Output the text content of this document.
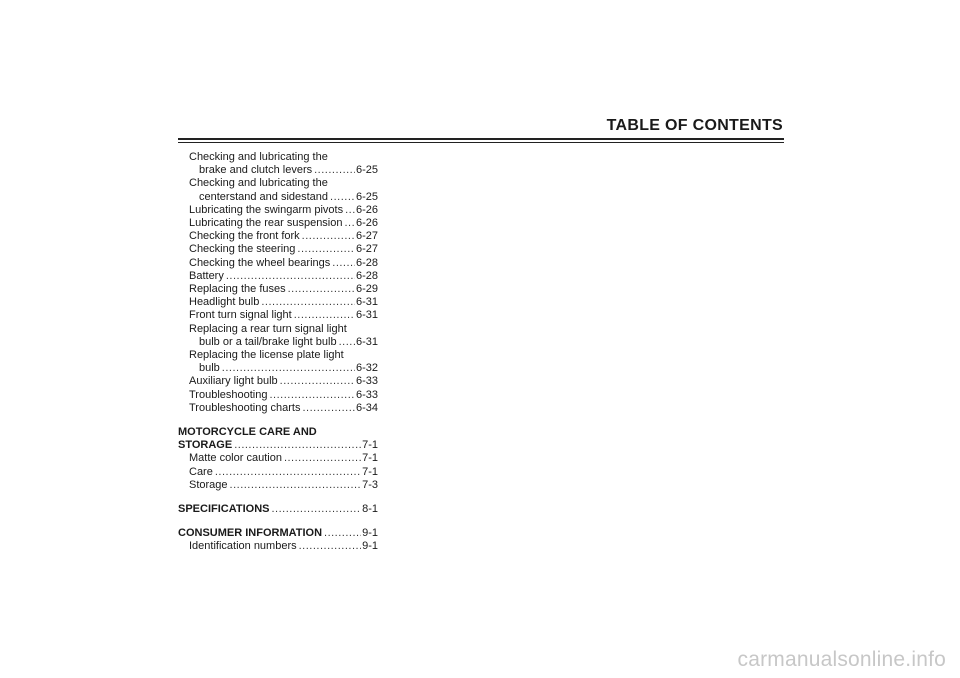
TABLE OF CONTENTS
Checking and lubricating the
brake and clutch levers .....	6-25
Checking and lubricating the
centerstand and sidestand .....	6-25
Lubricating the swingarm pivots ..... 6-26
Lubricating the rear suspension ..... 6-26
Checking the front fork .....	6-27
Checking the steering .....	6-27
Checking the wheel bearings ..... 6-28
Battery .....	6-28
Replacing the fuses .....	6-29
Headlight bulb .....	6-31
Front turn signal light .....	6-31
Replacing a rear turn signal light
bulb or a tail/brake light bulb ..... 6-31
Replacing the license plate light
bulb .....	6-32
Auxiliary light bulb .....	6-33
Troubleshooting .....	6-33
Troubleshooting charts .....	6-34
MOTORCYCLE CARE AND
STORAGE .....	7-1
Matte color caution .....	7-1
Care .....	7-1
Storage .....	7-3
SPECIFICATIONS .....	8-1
CONSUMER INFORMATION .....	9-1
Identification numbers .....	9-1
carmanualsonline.info
